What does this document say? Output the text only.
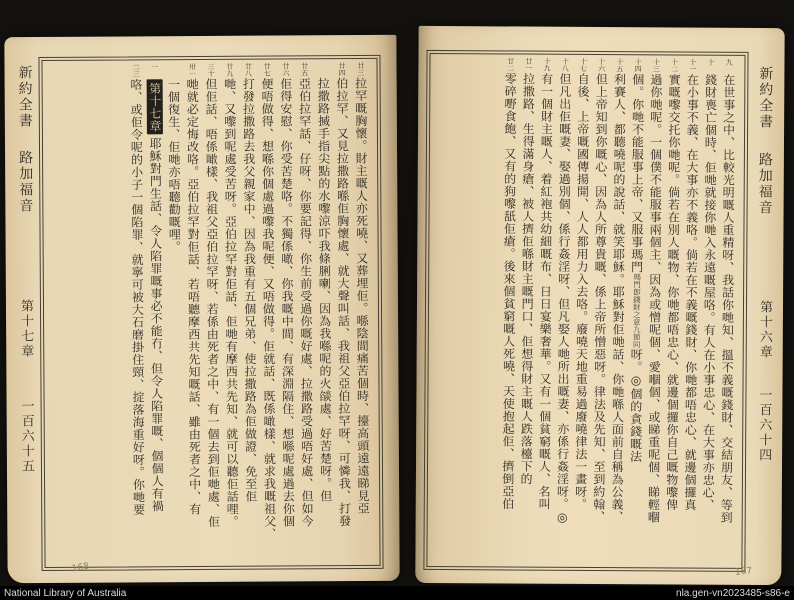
新約全書
路加福音
第十六章
一百六十四
九
在世事之中、比較光明嘅人重精呀、我話你哋知、搵不義嘅錢財、交結朋友、等到
十
錢財喪亡個時、佢哋就接你哋入永遠嘅屋咯。有人在小事忠心、在大事亦忠心、
十一
在小事不義、在大事亦不義咯。倘若在不義嘅錢財、你哋都唔忠心、就邊個攞真
十二
實嘅嚟交托你哋呢。倘若在別人嘅物、你哋都唔忠心、就邊個攞你自己嘅物嚟俾
十三
過你哋呢。一個僕不能服事兩個主、因為或憎呢個、愛嗰個、或睇重呢個、睇輕嗰
十四
個。你哋不能服事上帝、又服事瑪門瑪門卽錢財之意九節同呀。◎個的貪錢嘅法
十五
利賽人、都聽嘵呢的說話、就笑耶穌。耶穌對佢哋話、你哋喺人面前自稱為公義、
十六
但上帝知到你嘅心、因為人所尊貴嘅、係上帝所憎惡呀。律法及先知、至到約翰、
十七
自後、上帝嘅國傳揚開、人人都用力入去咯。廢嘵天地重易過廢嘵律法一畫呀。
十八
但凡出佢嘅妻、娶過別個、係行姦淫呀、但凡娶人哋所出嘅妻、亦係行姦淫呀。◎
十九
有一個財主嘅人、着紅袍共幼細嘅布、日日宴樂奢華。又有一個貧窮嘅人、名叫
廿一
拉撒路、生得滿身瘡、被人擠佢喺財主嘅門口、佢想得財主嘅人跌落檯下的
廿二
零碎嘢食飽、又有的狗嚟舐佢瘡。後來個貧窮嘅人死嘵、天使抱起佢、擠倒亞伯
新約全書
路加福音
第十七章
一百六十五
廿三
拉罕嘅胸懷。財主嘅人亦死嘵、又葬埋佢。喺陰間痛苦個時、擡高頭遠遠睇見亞
廿四
伯拉罕、又見拉撒路喺佢胸懷處、就大聲叫話、我祖父亞伯拉罕呀、可憐我、打發
拉撒路搣手指尖點的水嚟涼吓我條脷喇、因為我喺呢的火燄處、好苦楚呀。但
廿五
亞伯拉罕話、仔呀、你要記得、你生前受過你嘅好處、拉撒路受過唔好處、但如今
廿六
佢得安慰、你受苦楚咯。不獨係噉、你我嘅中間、有深淵隔住、想喺呢處過去你個
廿七
便唔做得、想喺你個處過嚟我呢便、又唔做得。佢就話、既係噉樣、就求我嘅祖父、
廿八
打發拉撒路去我父親家中、因為我重有五個兄弟、使拉撒路為佢做證、免至佢
廿九
哋、又嚟到呢處受苦呀。亞伯拉罕對佢話、佢哋有摩西共先知、就可以聽佢話哩。
三十
但佢話、唔係噉樣、我祖父亞伯拉罕呀、若係由死者之中、有一個去到佢哋處、佢
卅一
哋就必定悔改咯。亞伯拉罕對佢話、若唔聽摩西共先知嘅話、雖由死者之中、有
一個復生、佢哋亦唔聽勸嘅哩。
一
第十七章耶穌對門生話、令人陷罪嘅事必不能冇、但令人陷罪嘅、個個人有禍
二三
咯、或佢令呢的小子一個陷罪、就寧可被大石磨掛住頸、掟落海重好呀。你哋要
168	167
National Library of Australia	nla.gen-vn2023485-s86-e
